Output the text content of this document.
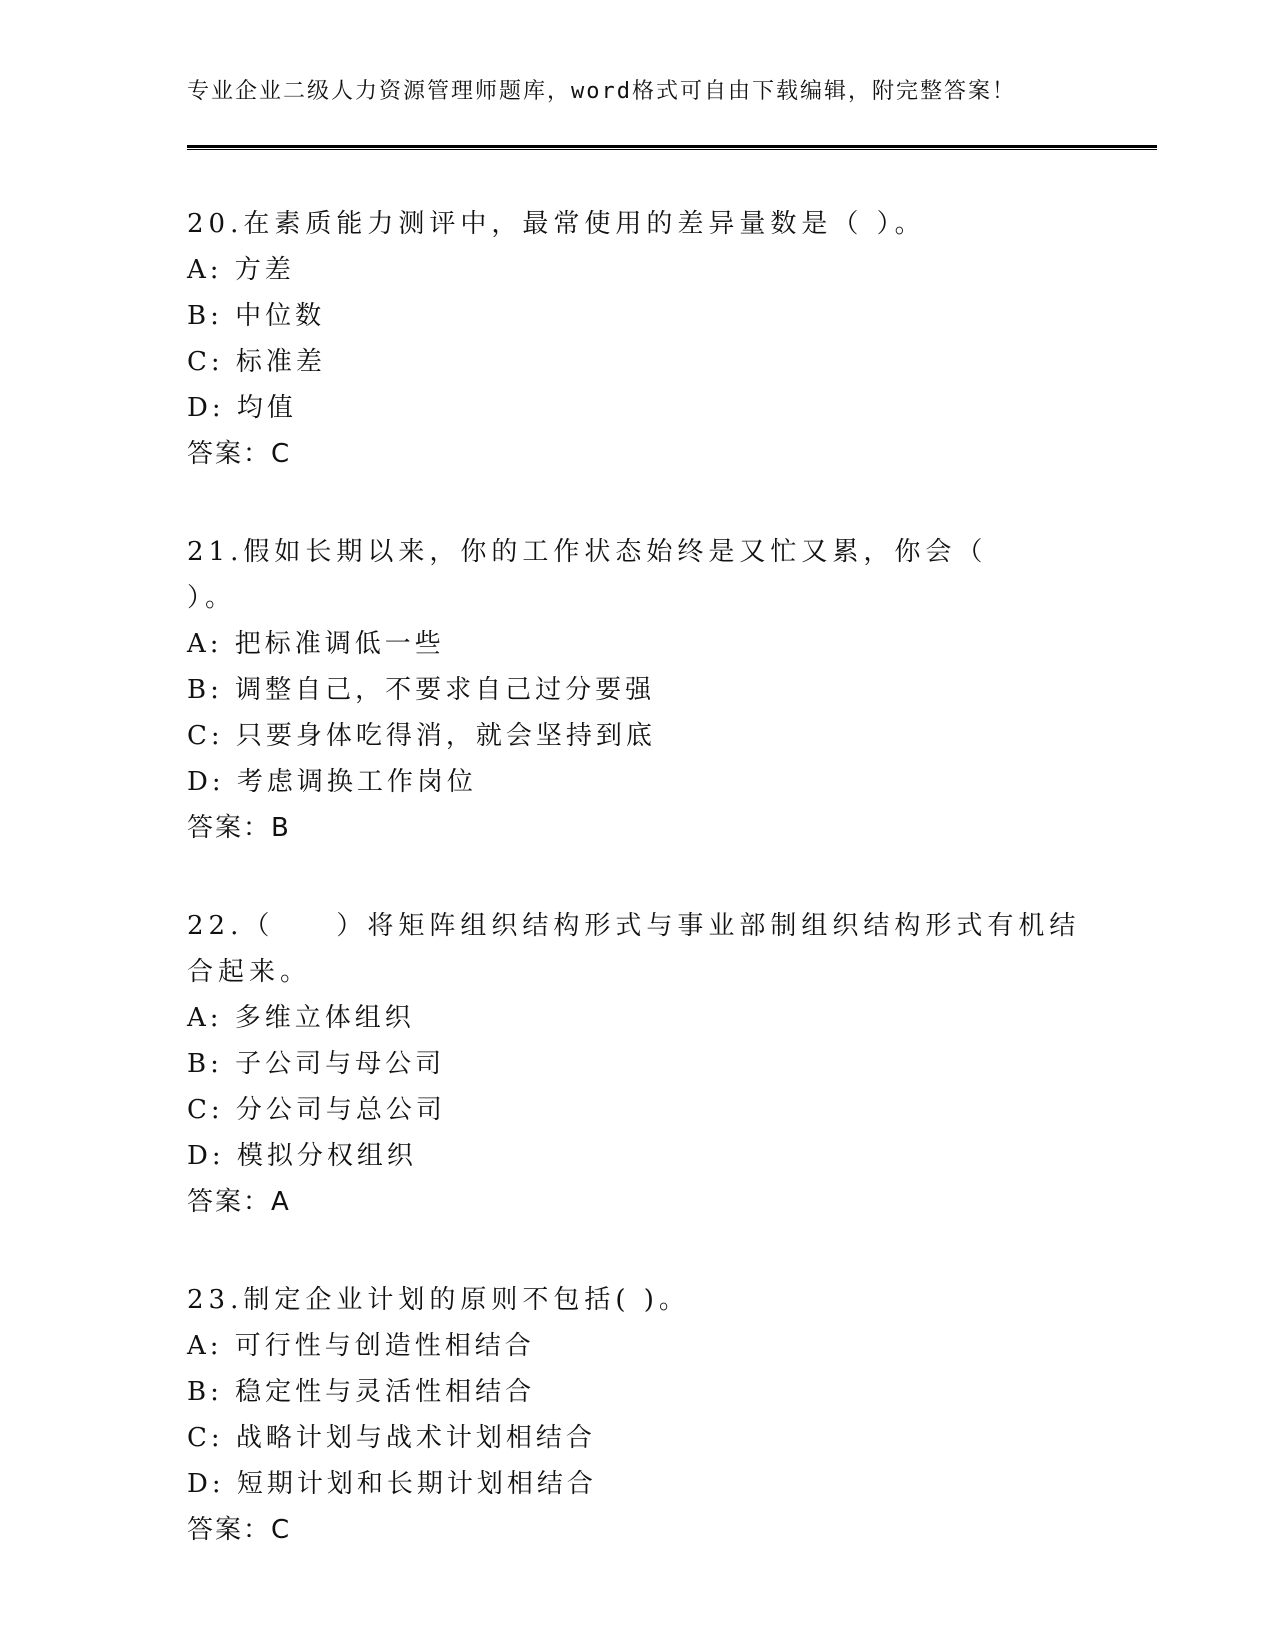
专业企业二级人力资源管理师题库，word格式可自由下载编辑，附完整答案！
20.在素质能力测评中，最常使用的差异量数是（ ）。
A: 方差
B: 中位数
C: 标准差
D: 均值
答案：C
21.假如长期以来，你的工作状态始终是又忙又累，你会（　　）。
A: 把标准调低一些
B: 调整自己，不要求自己过分要强
C: 只要身体吃得消，就会坚持到底
D: 考虑调换工作岗位
答案：B
22.（　　）将矩阵组织结构形式与事业部制组织结构形式有机结合起来。
A: 多维立体组织
B: 子公司与母公司
C: 分公司与总公司
D: 模拟分权组织
答案：A
23.制定企业计划的原则不包括( )。
A: 可行性与创造性相结合
B: 稳定性与灵活性相结合
C: 战略计划与战术计划相结合
D: 短期计划和长期计划相结合
答案：C
